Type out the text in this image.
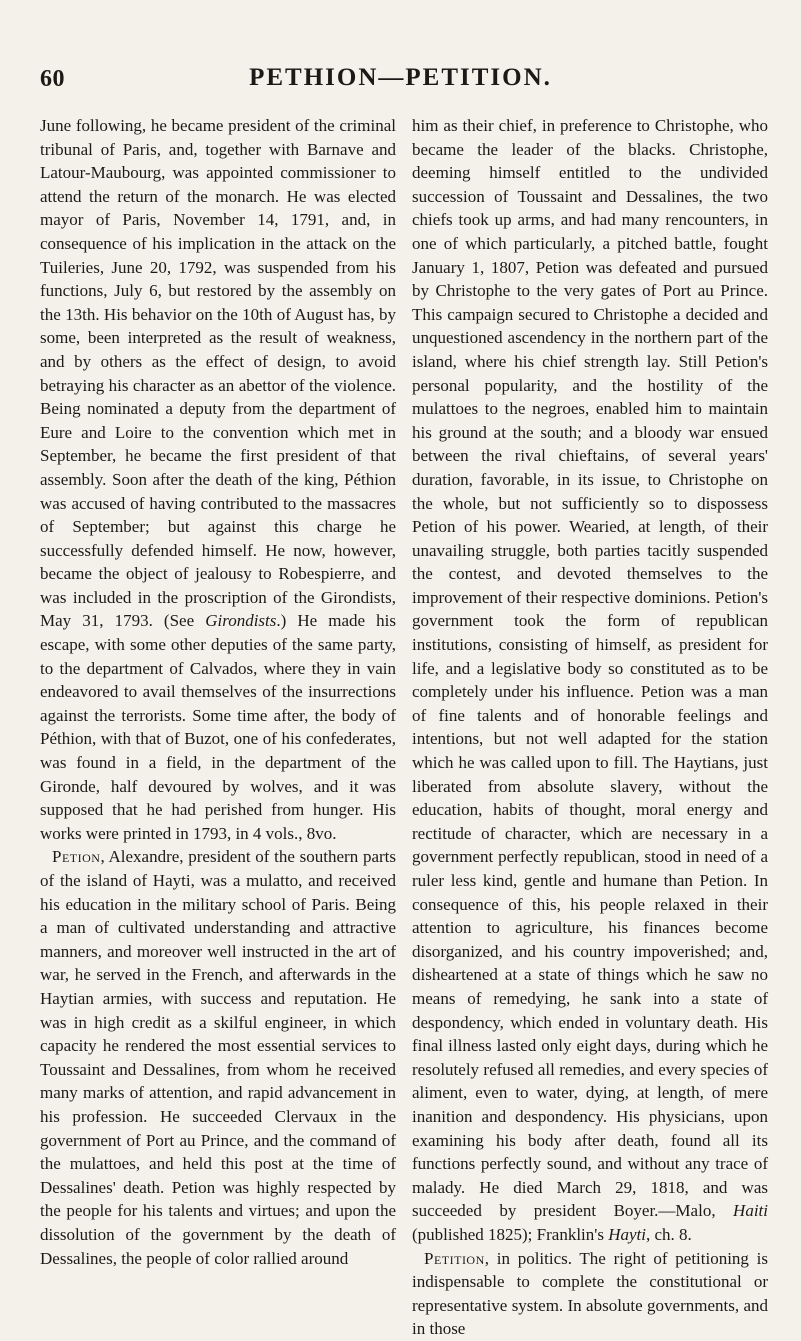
60	PETHION—PETITION.

June following, he became president of the criminal tribunal of Paris, and, together with Barnave and Latour-Maubourg, was appointed commissioner to attend the return of the monarch. He was elected mayor of Paris, November 14, 1791, and, in consequence of his implication in the attack on the Tuileries, June 20, 1792, was suspended from his functions, July 6, but restored by the assembly on the 13th. His behavior on the 10th of August has, by some, been interpreted as the result of weakness, and by others as the effect of design, to avoid betraying his character as an abettor of the violence. Being nominated a deputy from the department of Eure and Loire to the convention which met in September, he became the first president of that assembly. Soon after the death of the king, Péthion was accused of having contributed to the massacres of September; but against this charge he successfully defended himself. He now, however, became the object of jealousy to Robespierre, and was included in the proscription of the Girondists, May 31, 1793. (See Girondists.) He made his escape, with some other deputies of the same party, to the department of Calvados, where they in vain endeavored to avail themselves of the insurrections against the terrorists. Some time after, the body of Péthion, with that of Buzot, one of his confederates, was found in a field, in the department of the Gironde, half devoured by wolves, and it was supposed that he had perished from hunger. His works were printed in 1793, in 4 vols., 8vo.

Petion, Alexandre, president of the southern parts of the island of Hayti, was a mulatto, and received his education in the military school of Paris. Being a man of cultivated understanding and attractive manners, and moreover well instructed in the art of war, he served in the French, and afterwards in the Haytian armies, with success and reputation. He was in high credit as a skilful engineer, in which capacity he rendered the most essential services to Toussaint and Dessalines, from whom he received many marks of attention, and rapid advancement in his profession. He succeeded Clervaux in the government of Port au Prince, and the command of the mulattoes, and held this post at the time of Dessalines' death. Petion was highly respected by the people for his talents and virtues; and upon the dissolution of the government by the death of Dessalines, the people of color rallied around

him as their chief, in preference to Christophe, who became the leader of the blacks. Christophe, deeming himself entitled to the undivided succession of Toussaint and Dessalines, the two chiefs took up arms, and had many rencounters, in one of which particularly, a pitched battle, fought January 1, 1807, Petion was defeated and pursued by Christophe to the very gates of Port au Prince. This campaign secured to Christophe a decided and unquestioned ascendency in the northern part of the island, where his chief strength lay. Still Petion's personal popularity, and the hostility of the mulattoes to the negroes, enabled him to maintain his ground at the south; and a bloody war ensued between the rival chieftains, of several years' duration, favorable, in its issue, to Christophe on the whole, but not sufficiently so to dispossess Petion of his power. Wearied, at length, of their unavailing struggle, both parties tacitly suspended the contest, and devoted themselves to the improvement of their respective dominions. Petion's government took the form of republican institutions, consisting of himself, as president for life, and a legislative body so constituted as to be completely under his influence. Petion was a man of fine talents and of honorable feelings and intentions, but not well adapted for the station which he was called upon to fill. The Haytians, just liberated from absolute slavery, without the education, habits of thought, moral energy and rectitude of character, which are necessary in a government perfectly republican, stood in need of a ruler less kind, gentle and humane than Petion. In consequence of this, his people relaxed in their attention to agriculture, his finances become disorganized, and his country impoverished; and, disheartened at a state of things which he saw no means of remedying, he sank into a state of despondency, which ended in voluntary death. His final illness lasted only eight days, during which he resolutely refused all remedies, and every species of aliment, even to water, dying, at length, of mere inanition and despondency. His physicians, upon examining his body after death, found all its functions perfectly sound, and without any trace of malady. He died March 29, 1818, and was succeeded by president Boyer.—Malo, Haiti (published 1825); Franklin's Hayti, ch. 8.

Petition, in politics. The right of petitioning is indispensable to complete the constitutional or representative system. In absolute governments, and in those
